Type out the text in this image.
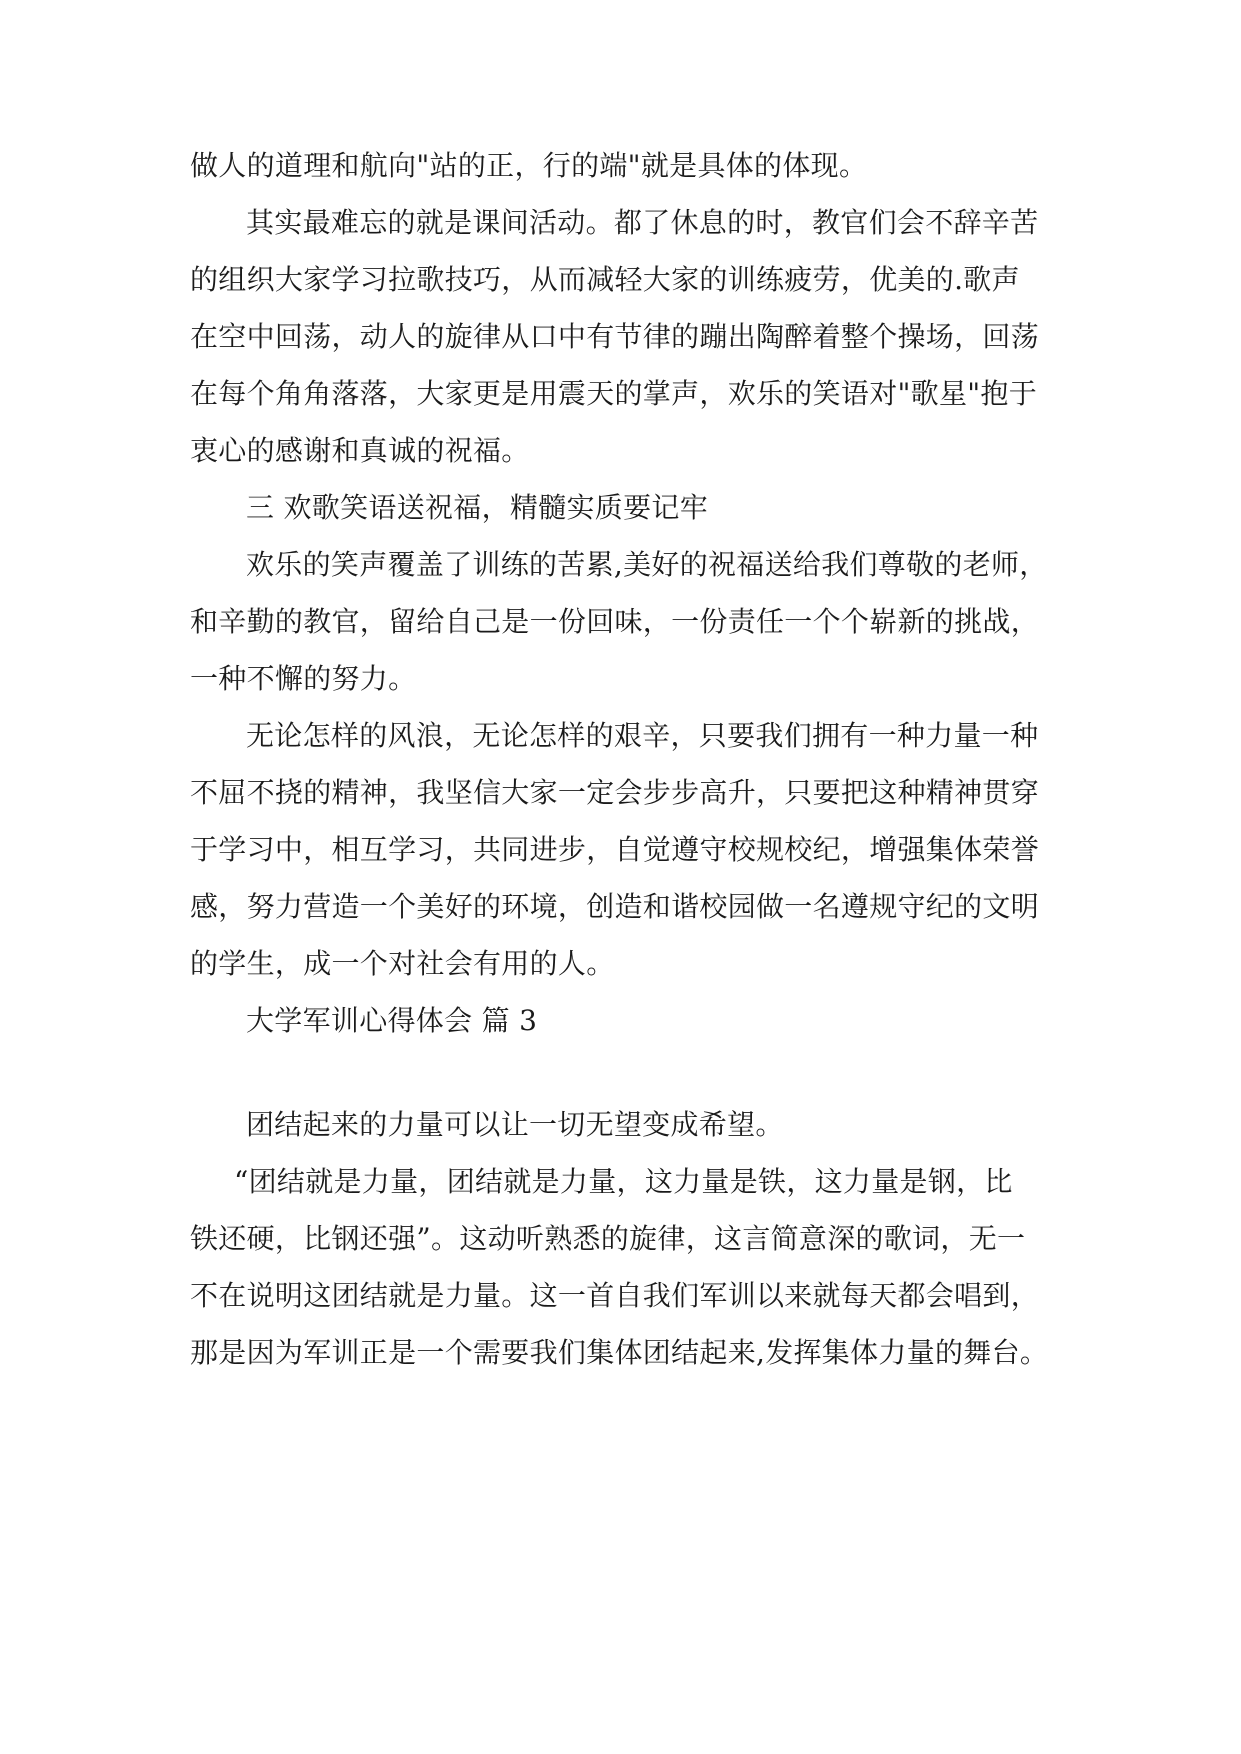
做人的道理和航向"站的正，行的端"就是具体的体现。
其实最难忘的就是课间活动。都了休息的时，教官们会不辞辛苦
的组织大家学习拉歌技巧，从而减轻大家的训练疲劳，优美的.歌声
在空中回荡，动人的旋律从口中有节律的蹦出陶醉着整个操场，回荡
在每个角角落落，大家更是用震天的掌声，欢乐的笑语对"歌星"抱于
衷心的感谢和真诚的祝福。
三 欢歌笑语送祝福，精髓实质要记牢
欢乐的笑声覆盖了训练的苦累,美好的祝福送给我们尊敬的老师，
和辛勤的教官，留给自己是一份回味，一份责任一个个崭新的挑战，
一种不懈的努力。
无论怎样的风浪，无论怎样的艰辛，只要我们拥有一种力量一种
不屈不挠的精神，我坚信大家一定会步步高升，只要把这种精神贯穿
于学习中，相互学习，共同进步，自觉遵守校规校纪，增强集体荣誉
感，努力营造一个美好的环境，创造和谐校园做一名遵规守纪的文明
的学生，成一个对社会有用的人。
大学军训心得体会 篇 3
团结起来的力量可以让一切无望变成希望。
“团结就是力量，团结就是力量，这力量是铁，这力量是钢，比
铁还硬，比钢还强”。这动听熟悉的旋律，这言简意深的歌词，无一
不在说明这团结就是力量。这一首自我们军训以来就每天都会唱到，
那是因为军训正是一个需要我们集体团结起来,发挥集体力量的舞台。
